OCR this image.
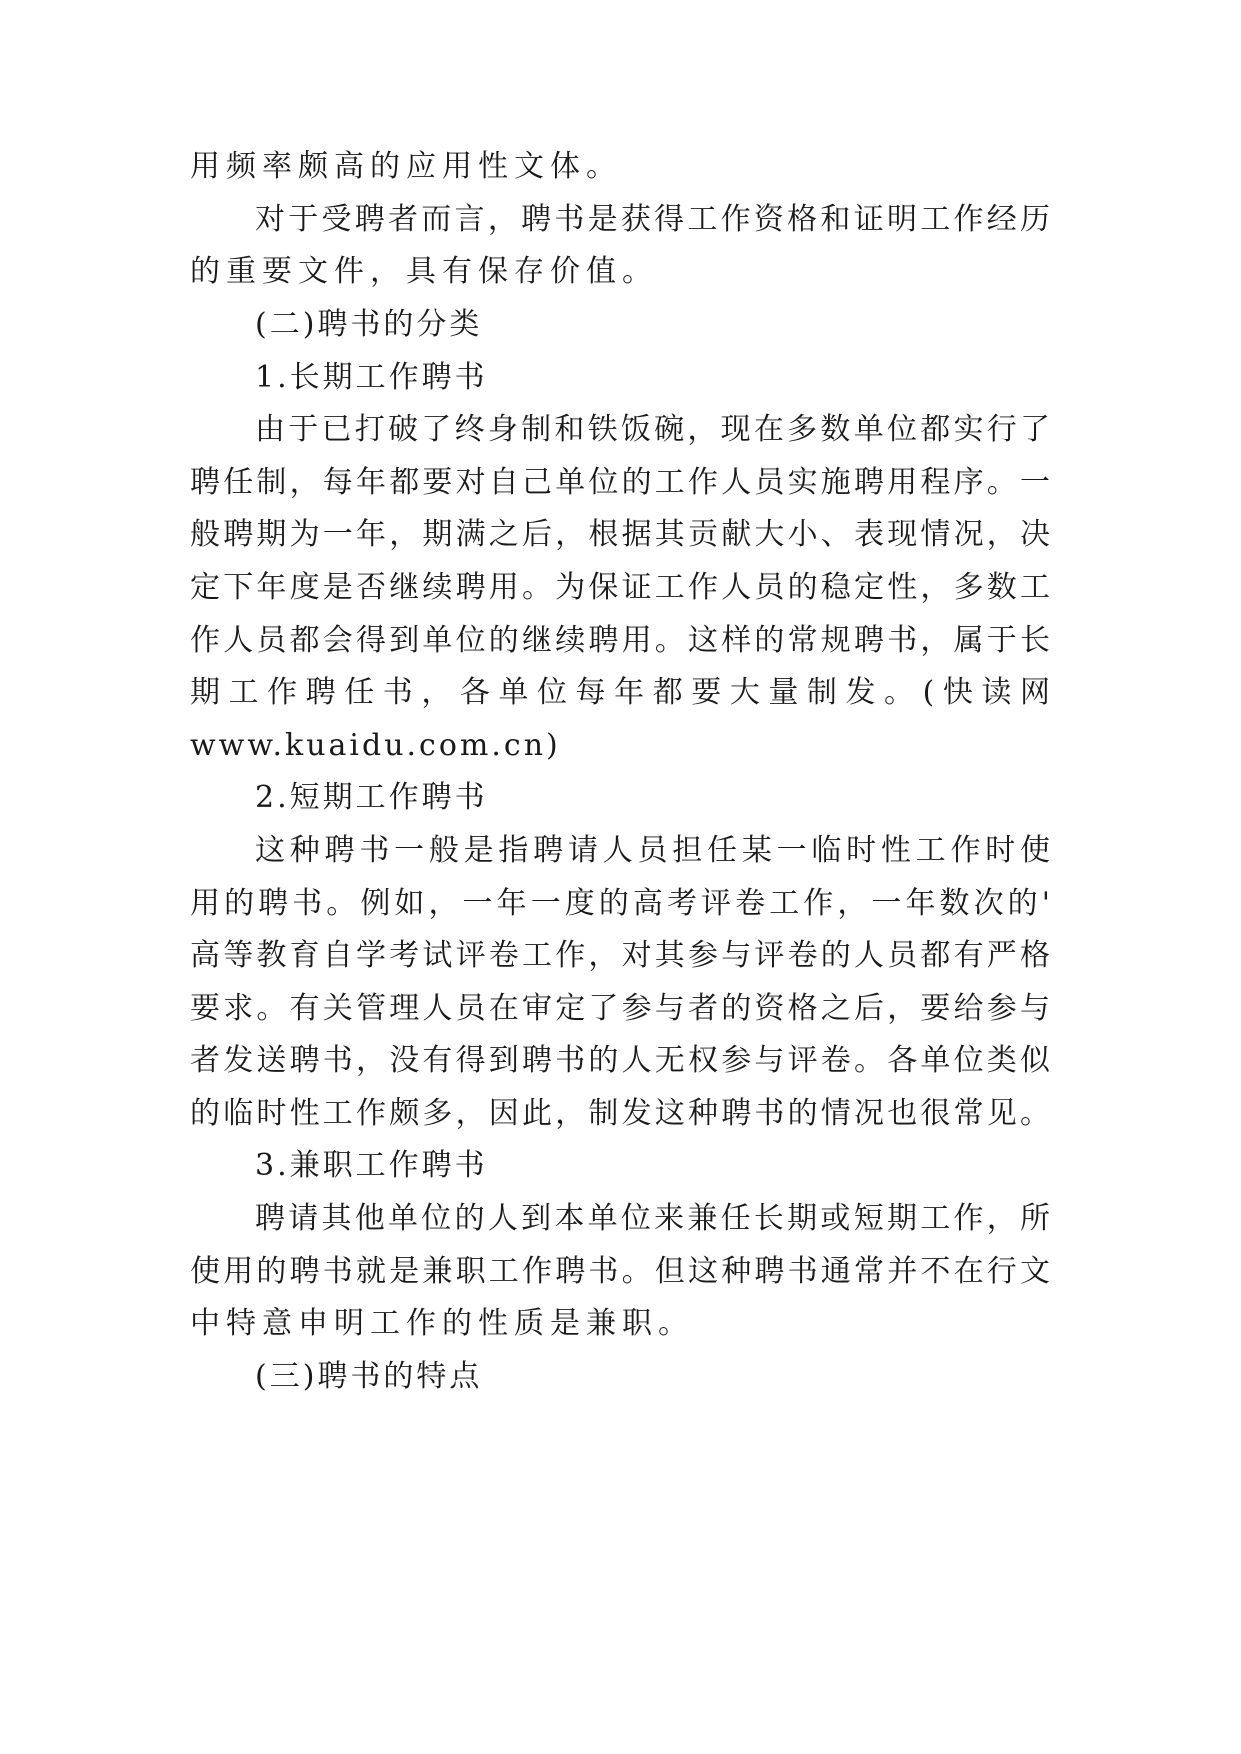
用频率颇高的应用性文体。
对于受聘者而言，聘书是获得工作资格和证明工作经历
的重要文件，具有保存价值。
(二)聘书的分类
1.长期工作聘书
由于已打破了终身制和铁饭碗，现在多数单位都实行了
聘任制，每年都要对自己单位的工作人员实施聘用程序。一
般聘期为一年，期满之后，根据其贡献大小、表现情况，决
定下年度是否继续聘用。为保证工作人员的稳定性，多数工
作人员都会得到单位的继续聘用。这样的常规聘书，属于长
期工作聘任书，各单位每年都要大量制发。(快读网
www.kuaidu.com.cn)
2.短期工作聘书
这种聘书一般是指聘请人员担任某一临时性工作时使
用的聘书。例如，一年一度的高考评卷工作，一年数次的'
高等教育自学考试评卷工作，对其参与评卷的人员都有严格
要求。有关管理人员在审定了参与者的资格之后，要给参与
者发送聘书，没有得到聘书的人无权参与评卷。各单位类似
的临时性工作颇多，因此，制发这种聘书的情况也很常见。
3.兼职工作聘书
聘请其他单位的人到本单位来兼任长期或短期工作，所
使用的聘书就是兼职工作聘书。但这种聘书通常并不在行文
中特意申明工作的性质是兼职。
(三)聘书的特点
